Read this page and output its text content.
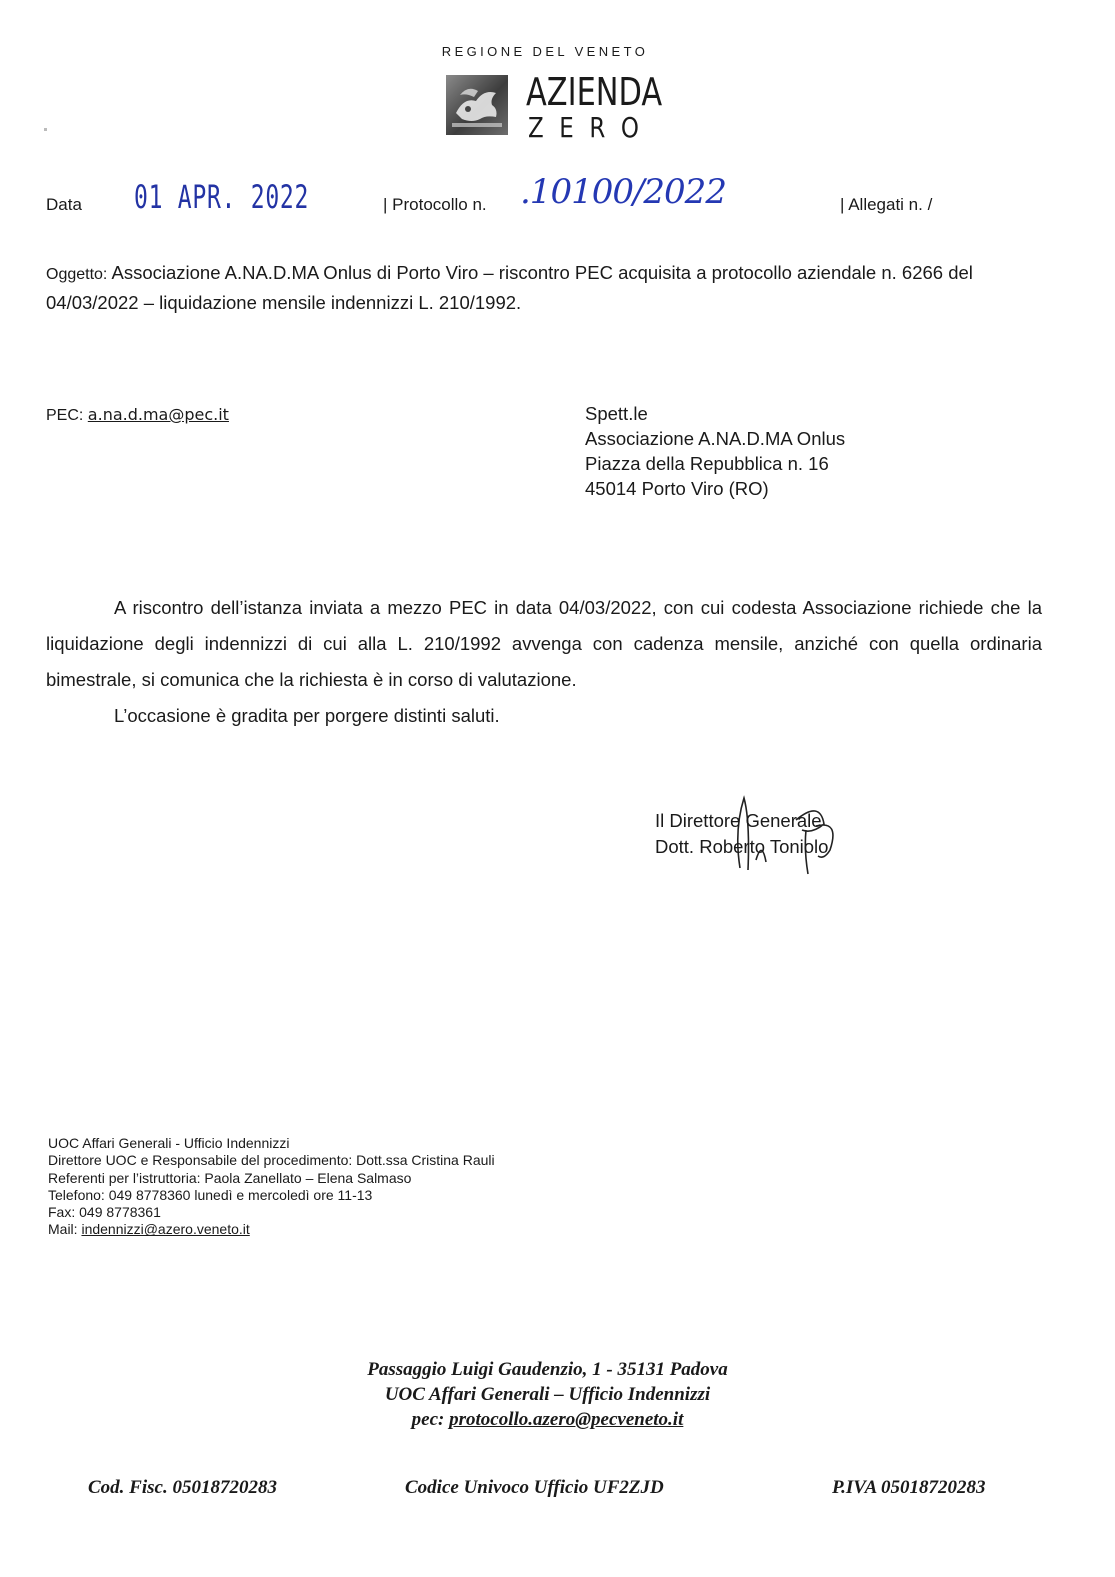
REGIONE DEL VENETO
AZIENDA
ZERO
Data 01 APR. 2022	| Protocollo n. .10100/2022	| Allegati n. /
Oggetto: Associazione A.NA.D.MA Onlus di Porto Viro – riscontro PEC acquisita a protocollo aziendale n. 6266 del 04/03/2022 – liquidazione mensile indennizzi L. 210/1992.
PEC: a.na.d.ma@pec.it	Spett.le
Associazione A.NA.D.MA Onlus
Piazza della Repubblica n. 16
45014 Porto Viro (RO)

A riscontro dell’istanza inviata a mezzo PEC in data 04/03/2022, con cui codesta Associazione richiede che la liquidazione degli indennizzi di cui alla L. 210/1992 avvenga con cadenza mensile, anziché con quella ordinaria bimestrale, si comunica che la richiesta è in corso di valutazione.

L’occasione è gradita per porgere distinti saluti.

Il Direttore Generale
Dott. Roberto Toniolo
UOC Affari Generali - Ufficio Indennizzi
Direttore UOC e Responsabile del procedimento: Dott.ssa Cristina Rauli
Referenti per l’istruttoria: Paola Zanellato – Elena Salmaso
Telefono: 049 8778360 lunedì e mercoledì ore 11-13
Fax: 049 8778361
Mail: indennizzi@azero.veneto.it
Passaggio Luigi Gaudenzio, 1 - 35131 Padova
UOC Affari Generali – Ufficio Indennizzi
pec: protocollo.azero@pecveneto.it
Cod. Fisc. 05018720283	Codice Univoco Ufficio UF2ZJD	P.IVA 05018720283
